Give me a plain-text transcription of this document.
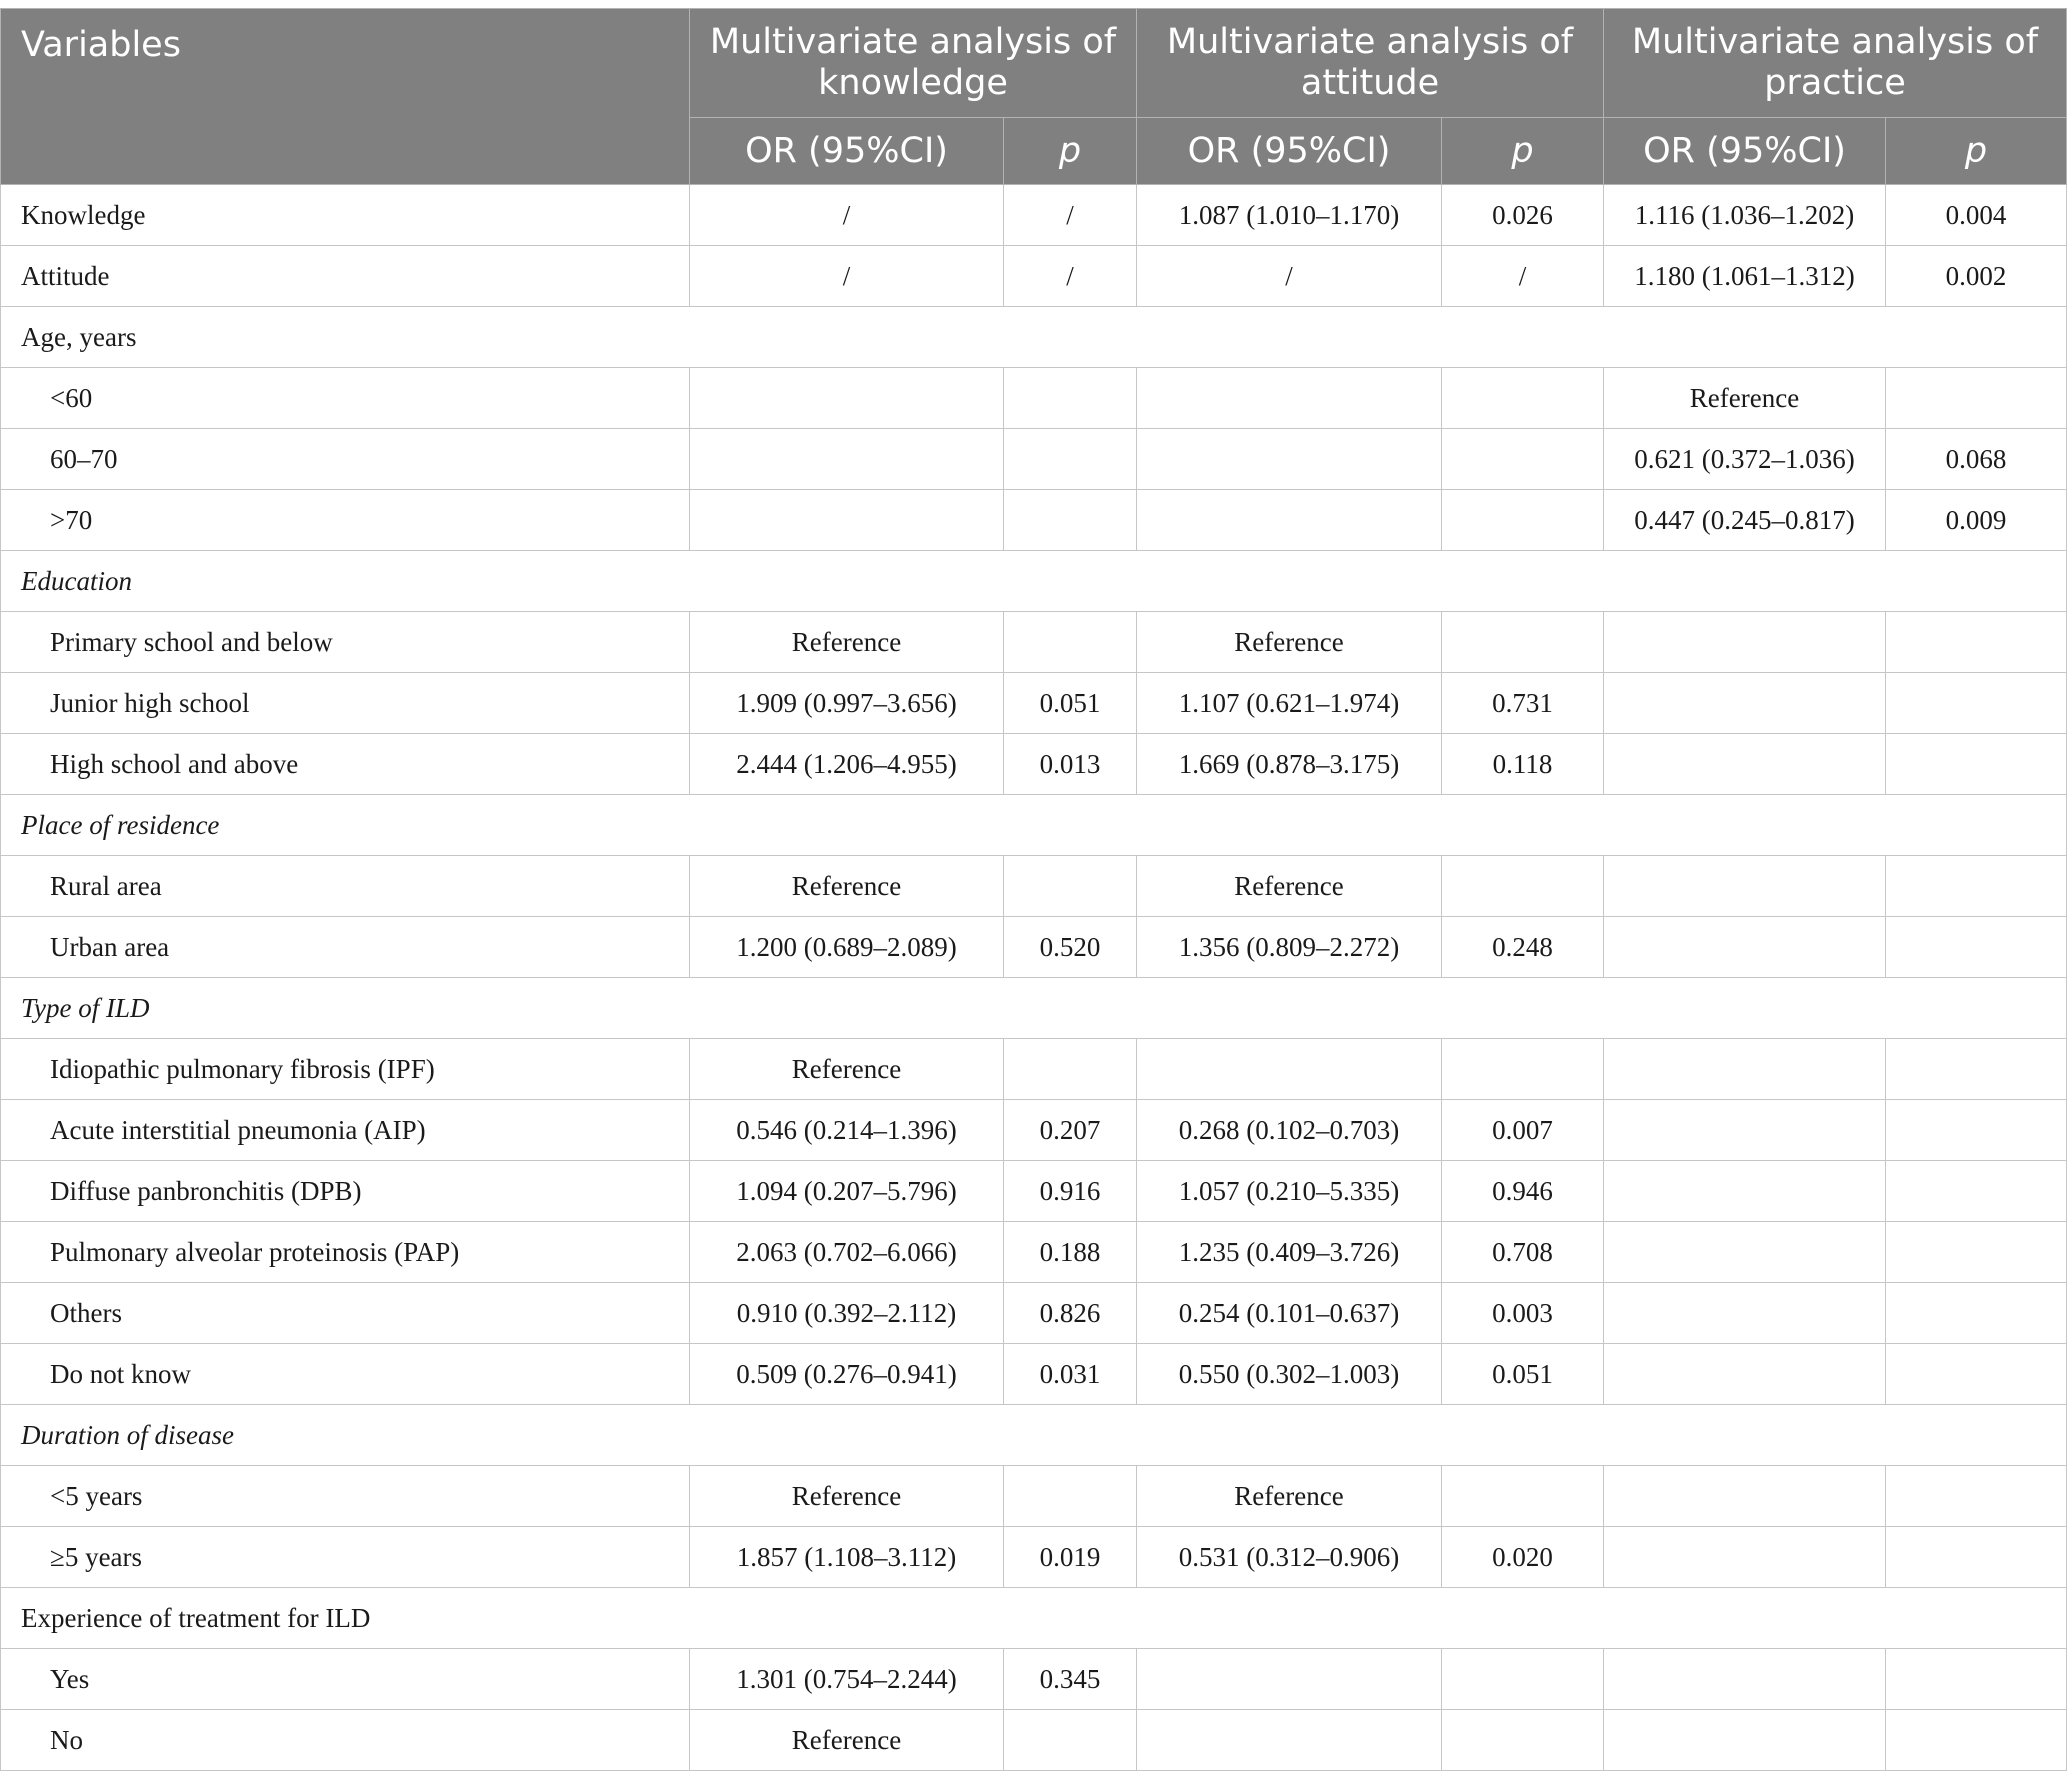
Variables	Multivariate analysis of knowledge		Multivariate analysis of attitude		Multivariate analysis of practice	
	OR (95%CI)	p	OR (95%CI)	p	OR (95%CI)	p
Knowledge	/	/	1.087 (1.010–1.170)	0.026	1.116 (1.036–1.202)	0.004
Attitude	/	/	/	/	1.180 (1.061–1.312)	0.002
Age, years						
<60					Reference	
60–70					0.621 (0.372–1.036)	0.068
>70					0.447 (0.245–0.817)	0.009
Education						
Primary school and below	Reference		Reference			
Junior high school	1.909 (0.997–3.656)	0.051	1.107 (0.621–1.974)	0.731		
High school and above	2.444 (1.206–4.955)	0.013	1.669 (0.878–3.175)	0.118		
Place of residence						
Rural area	Reference		Reference			
Urban area	1.200 (0.689–2.089)	0.520	1.356 (0.809–2.272)	0.248		
Type of ILD						
Idiopathic pulmonary fibrosis (IPF)	Reference					
Acute interstitial pneumonia (AIP)	0.546 (0.214–1.396)	0.207	0.268 (0.102–0.703)	0.007		
Diffuse panbronchitis (DPB)	1.094 (0.207–5.796)	0.916	1.057 (0.210–5.335)	0.946		
Pulmonary alveolar proteinosis (PAP)	2.063 (0.702–6.066)	0.188	1.235 (0.409–3.726)	0.708		
Others	0.910 (0.392–2.112)	0.826	0.254 (0.101–0.637)	0.003		
Do not know	0.509 (0.276–0.941)	0.031	0.550 (0.302–1.003)	0.051		
Duration of disease						
<5 years	Reference		Reference			
≥5 years	1.857 (1.108–3.112)	0.019	0.531 (0.312–0.906)	0.020		
Experience of treatment for ILD						
Yes	1.301 (0.754–2.244)	0.345				
No	Reference					
